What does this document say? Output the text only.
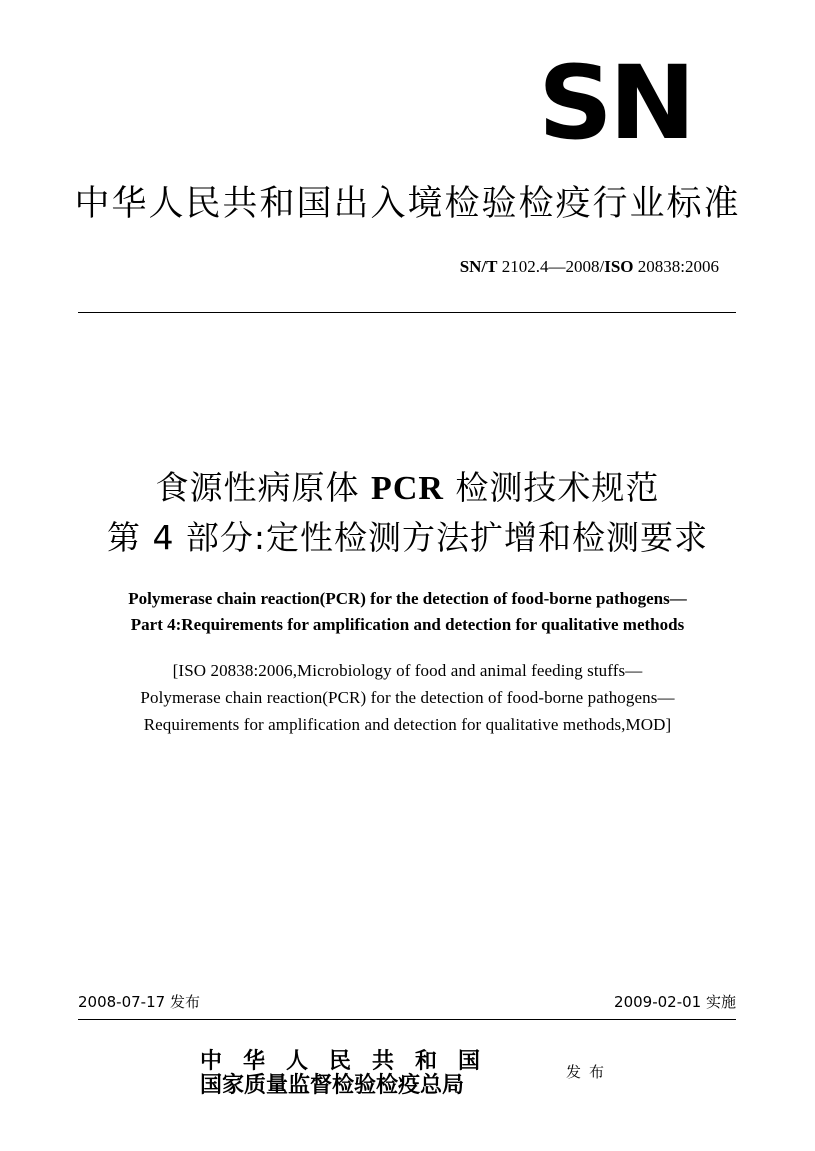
SN
中华人民共和国出入境检验检疫行业标准
SN/T 2102.4—2008/ISO 20838:2006
食源性病原体 PCR 检测技术规范
第 4 部分:定性检测方法扩增和检测要求
Polymerase chain reaction(PCR) for the detection of food-borne pathogens—
Part 4:Requirements for amplification and detection for qualitative methods
[ISO 20838:2006,Microbiology of food and animal feeding stuffs—
Polymerase chain reaction(PCR) for the detection of food-borne pathogens—
Requirements for amplification and detection for qualitative methods,MOD]
2008-07-17 发布	2009-02-01 实施
中华人民共和国
国家质量监督检验检疫总局	发布
